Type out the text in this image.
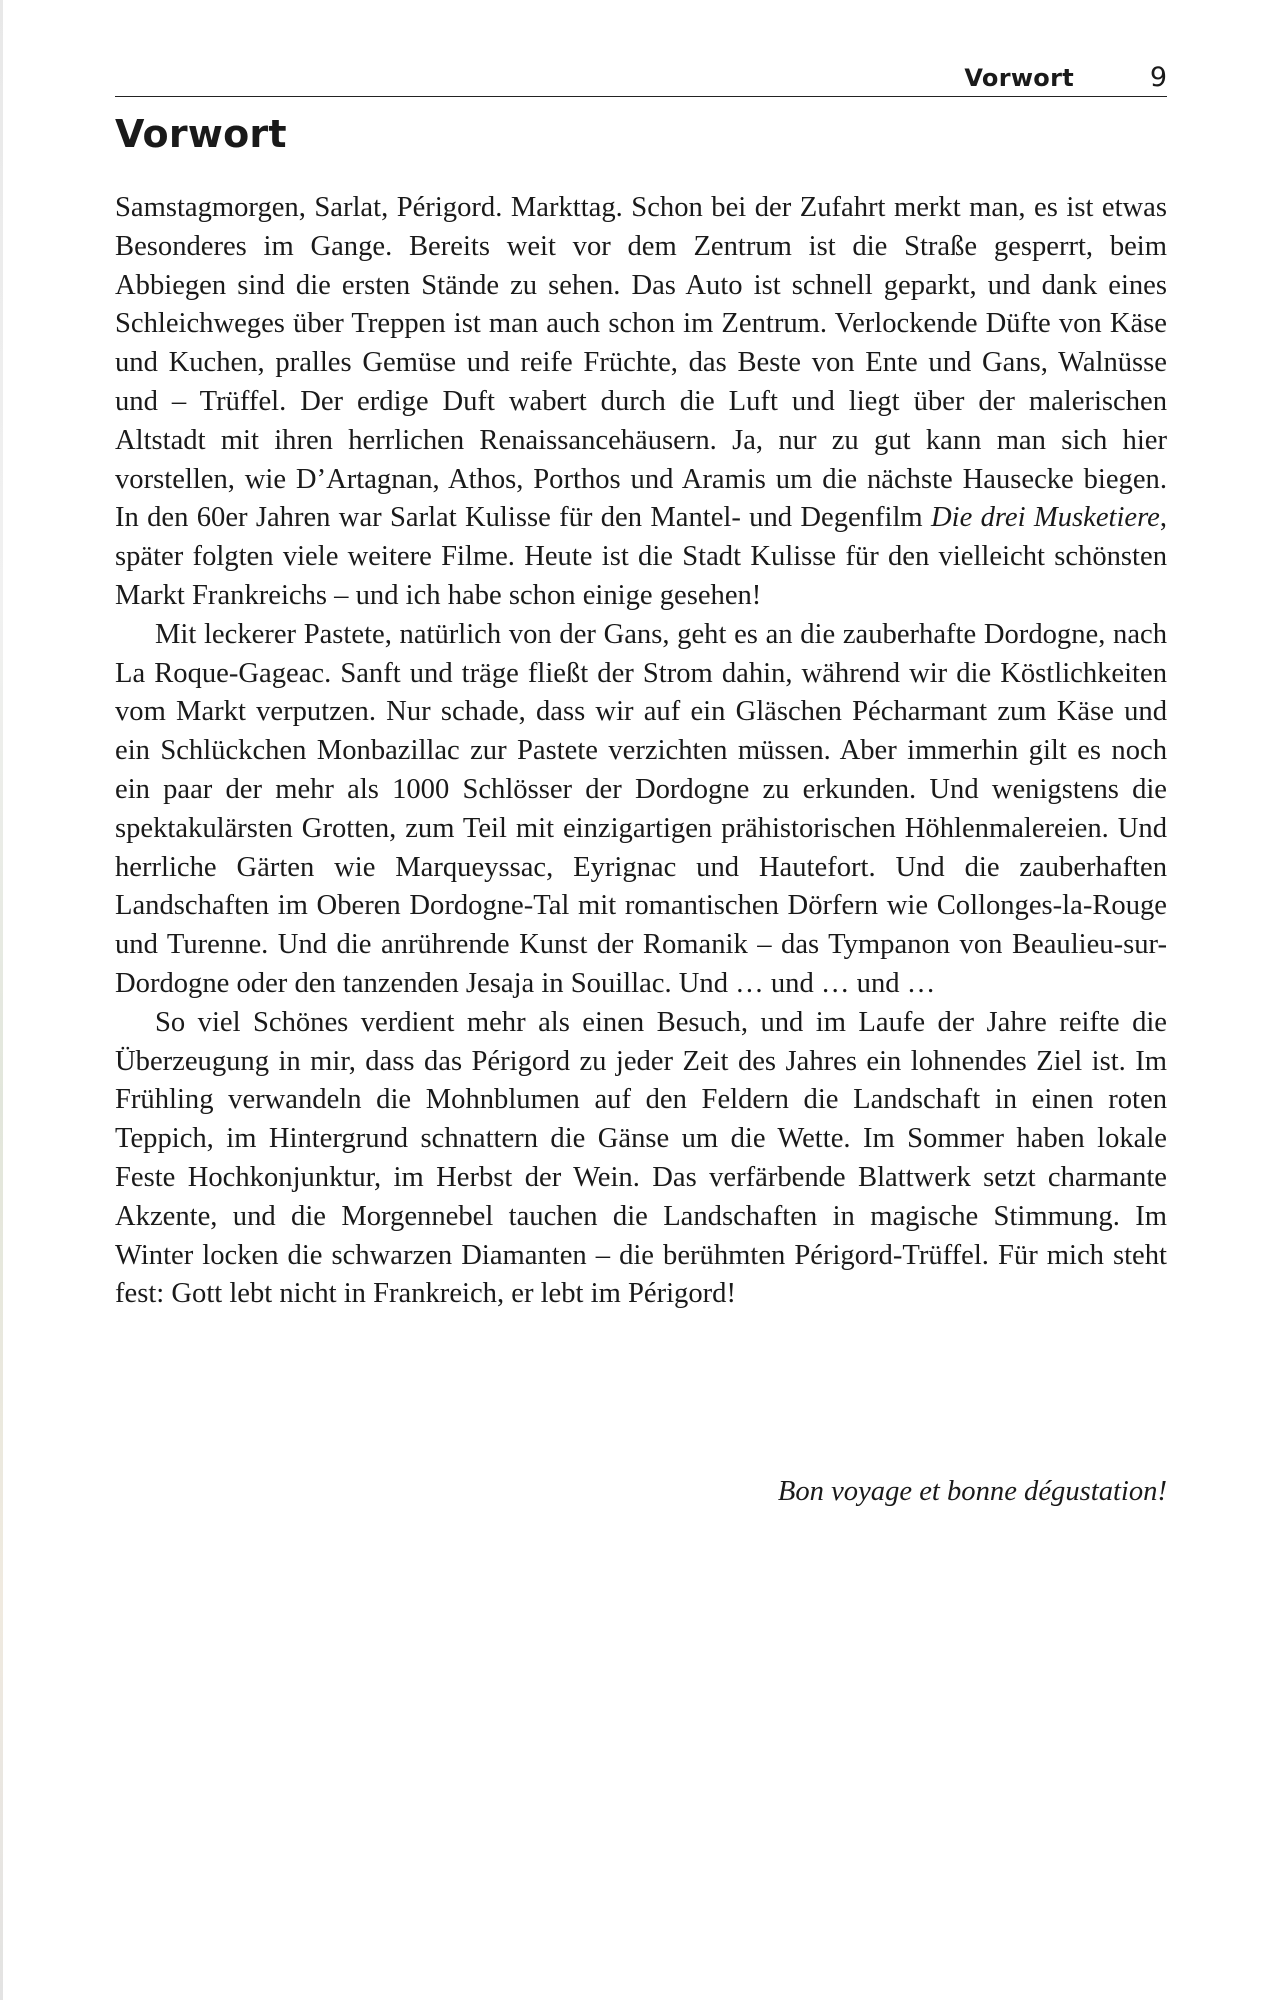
Vorwort	9
Vorwort

Samstagmorgen, Sarlat, Périgord. Markttag. Schon bei der Zufahrt merkt man, es ist etwas Besonderes im Gange. Bereits weit vor dem Zentrum ist die Straße gesperrt, beim Abbiegen sind die ersten Stände zu sehen. Das Auto ist schnell geparkt, und dank eines Schleichweges über Treppen ist man auch schon im Zentrum. Verlockende Düfte von Käse und Kuchen, pralles Gemüse und reife Früchte, das Beste von Ente und Gans, Walnüsse und – Trüffel. Der erdige Duft wabert durch die Luft und liegt über der malerischen Altstadt mit ihren herrlichen Renaissancehäusern. Ja, nur zu gut kann man sich hier vorstellen, wie D’Artagnan, Athos, Porthos und Aramis um die nächste Hausecke biegen. In den 60er Jahren war Sarlat Kulisse für den Mantel- und Degenfilm Die drei Musketiere, später folgten viele weitere Filme. Heute ist die Stadt Kulisse für den vielleicht schönsten Markt Frankreichs – und ich habe schon einige gesehen!

Mit leckerer Pastete, natürlich von der Gans, geht es an die zauberhafte Dordogne, nach La Roque-Gageac. Sanft und träge fließt der Strom dahin, während wir die Köstlichkeiten vom Markt verputzen. Nur schade, dass wir auf ein Gläschen Pécharmant zum Käse und ein Schlückchen Monbazillac zur Pastete verzichten müssen. Aber immerhin gilt es noch ein paar der mehr als 1000 Schlösser der Dordogne zu erkunden. Und wenigstens die spektakulärsten Grotten, zum Teil mit einzigartigen prähistorischen Höhlenmalereien. Und herrliche Gärten wie Marqueyssac, Eyrignac und Hautefort. Und die zauberhaften Landschaften im Oberen Dordogne-Tal mit romantischen Dörfern wie Collonges-la-Rouge und Turenne. Und die anrührende Kunst der Romanik – das Tympanon von Beaulieu-sur-Dordogne oder den tanzenden Jesaja in Souillac. Und … und … und …

So viel Schönes verdient mehr als einen Besuch, und im Laufe der Jahre reifte die Überzeugung in mir, dass das Périgord zu jeder Zeit des Jahres ein lohnendes Ziel ist. Im Frühling verwandeln die Mohnblumen auf den Feldern die Landschaft in einen roten Teppich, im Hintergrund schnattern die Gänse um die Wette. Im Sommer haben lokale Feste Hochkonjunktur, im Herbst der Wein. Das verfärbende Blattwerk setzt charmante Akzente, und die Morgennebel tauchen die Landschaften in magische Stimmung. Im Winter locken die schwarzen Diamanten – die berühmten Périgord-Trüffel. Für mich steht fest: Gott lebt nicht in Frankreich, er lebt im Périgord!

Bon voyage et bonne dégustation!
